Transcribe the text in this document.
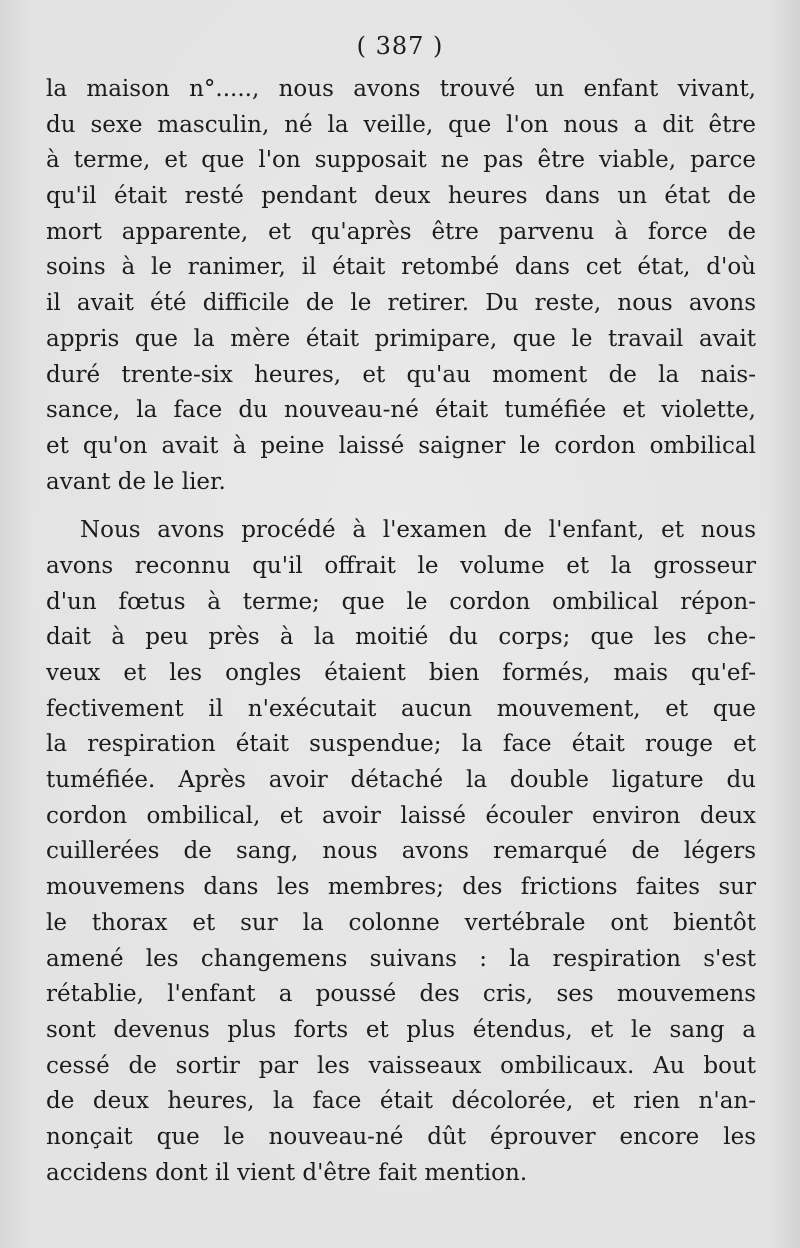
( 387 )
la maison n°....., nous avons trouvé un enfant vivant,
du sexe masculin, né la veille, que l'on nous a dit être
à terme, et que l'on supposait ne pas être viable, parce
qu'il était resté pendant deux heures dans un état de
mort apparente, et qu'après être parvenu à force de
soins à le ranimer, il était retombé dans cet état, d'où
il avait été difficile de le retirer. Du reste, nous avons
appris que la mère était primipare, que le travail avait
duré trente-six heures, et qu'au moment de la nais-
sance, la face du nouveau-né était tuméfiée et violette,
et qu'on avait à peine laissé saigner le cordon ombilical
avant de le lier.
Nous avons procédé à l'examen de l'enfant, et nous
avons reconnu qu'il offrait le volume et la grosseur
d'un fœtus à terme; que le cordon ombilical répon-
dait à peu près à la moitié du corps; que les che-
veux et les ongles étaient bien formés, mais qu'ef-
fectivement il n'exécutait aucun mouvement, et que
la respiration était suspendue; la face était rouge et
tuméfiée. Après avoir détaché la double ligature du
cordon ombilical, et avoir laissé écouler environ deux
cuillerées de sang, nous avons remarqué de légers
mouvemens dans les membres; des frictions faites sur
le thorax et sur la colonne vertébrale ont bientôt
amené les changemens suivans : la respiration s'est
rétablie, l'enfant a poussé des cris, ses mouvemens
sont devenus plus forts et plus étendus, et le sang a
cessé de sortir par les vaisseaux ombilicaux. Au bout
de deux heures, la face était décolorée, et rien n'an-
nonçait que le nouveau-né dût éprouver encore les
accidens dont il vient d'être fait mention.
